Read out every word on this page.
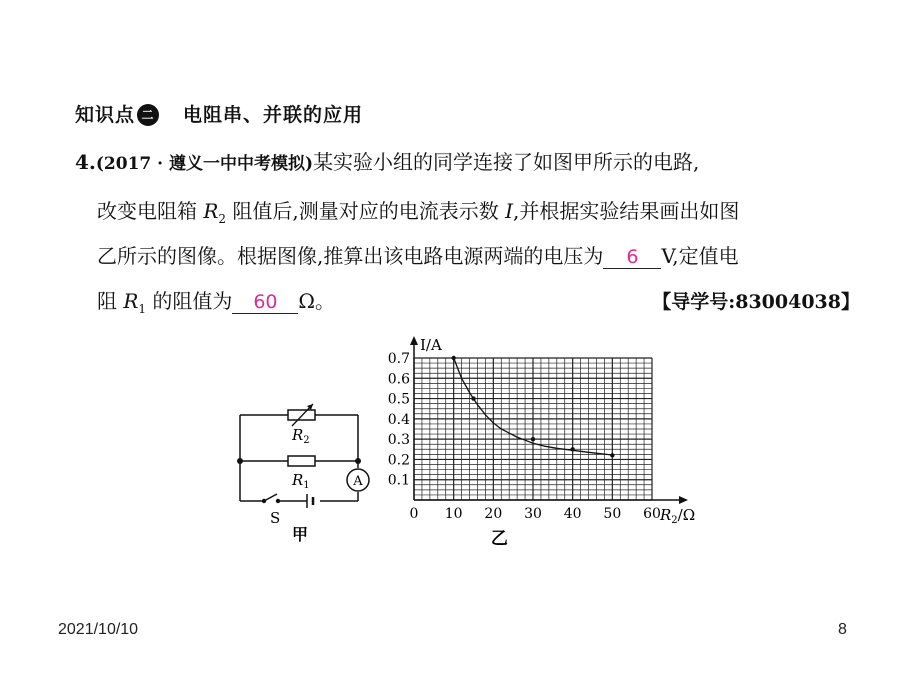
知识点 二 电阻串、并联的应用
4.(2017 · 遵义一中中考模拟)某实验小组的同学连接了如图甲所示的电路,
改变电阻箱 $R_2$ 阻值后,测量对应的电流表示数 I,并根据实验结果画出如图
乙所示的图像。根据图像,推算出该电路电源两端的电压为 6 V,定值电
阻 $R_1$ 的阻值为 60 Ω。	【导学号:83004038】
A
$R_2$
$R_1$
S
甲
0 10 20 30 40 50 60
0.1
0.2
0.3
0.4
0.5
0.6
0.7
I/A
$R_2/\Omega$
乙
2021/10/10	8
